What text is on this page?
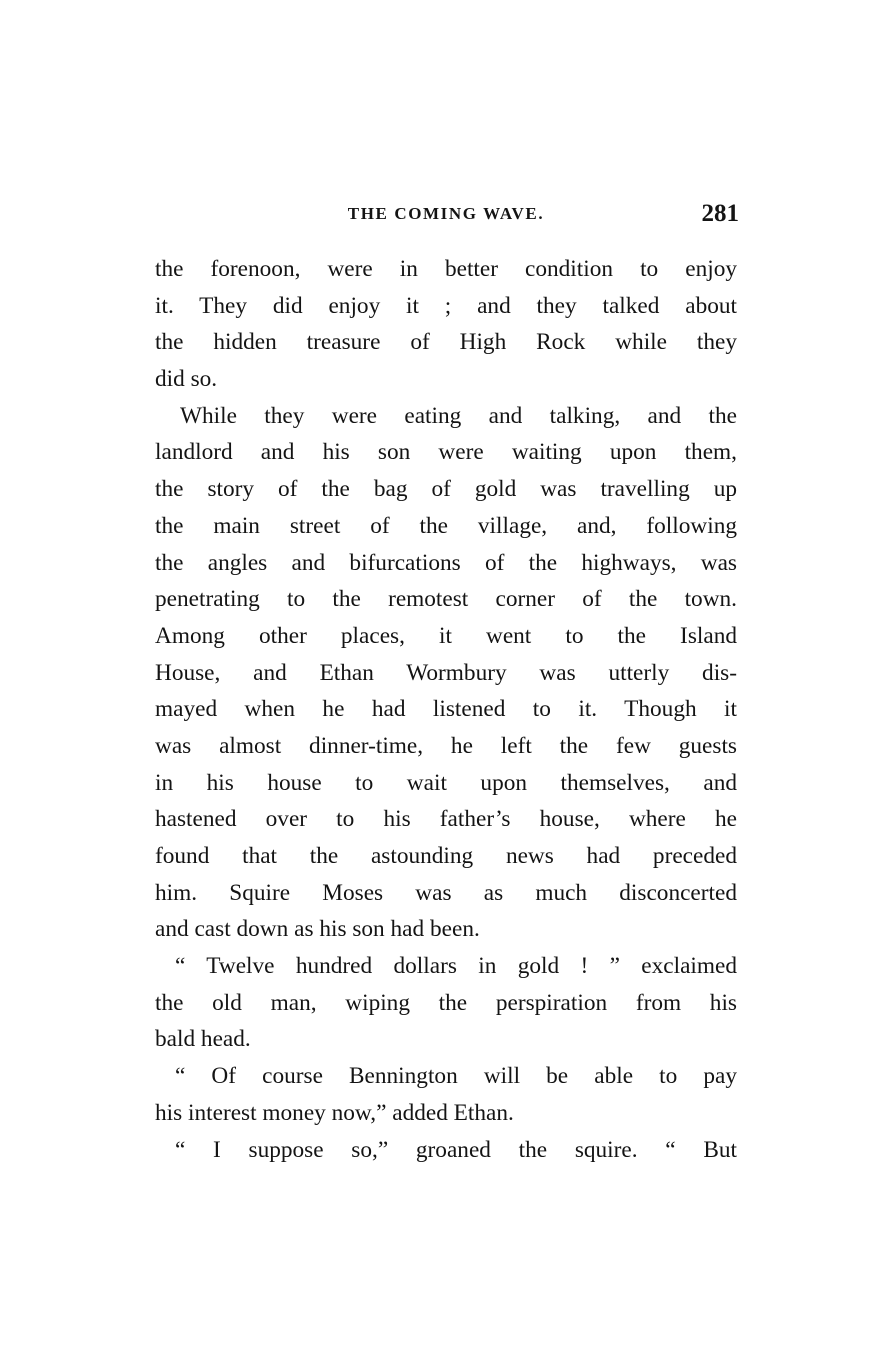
THE COMING WAVE.	281
the forenoon, were in better condition to enjoy
it. They did enjoy it ; and they talked about
the hidden treasure of High Rock while they
did so.
While they were eating and talking, and the
landlord and his son were waiting upon them,
the story of the bag of gold was travelling up
the main street of the village, and, following
the angles and bifurcations of the highways, was
penetrating to the remotest corner of the town.
Among other places, it went to the Island
House, and Ethan Wormbury was utterly dis-
mayed when he had listened to it. Though it
was almost dinner-time, he left the few guests
in his house to wait upon themselves, and
hastened over to his father’s house, where he
found that the astounding news had preceded
him. Squire Moses was as much disconcerted
and cast down as his son had been.
“ Twelve hundred dollars in gold ! ” exclaimed
the old man, wiping the perspiration from his
bald head.
“ Of course Bennington will be able to pay
his interest money now,” added Ethan.
“ I suppose so,” groaned the squire. “ But
